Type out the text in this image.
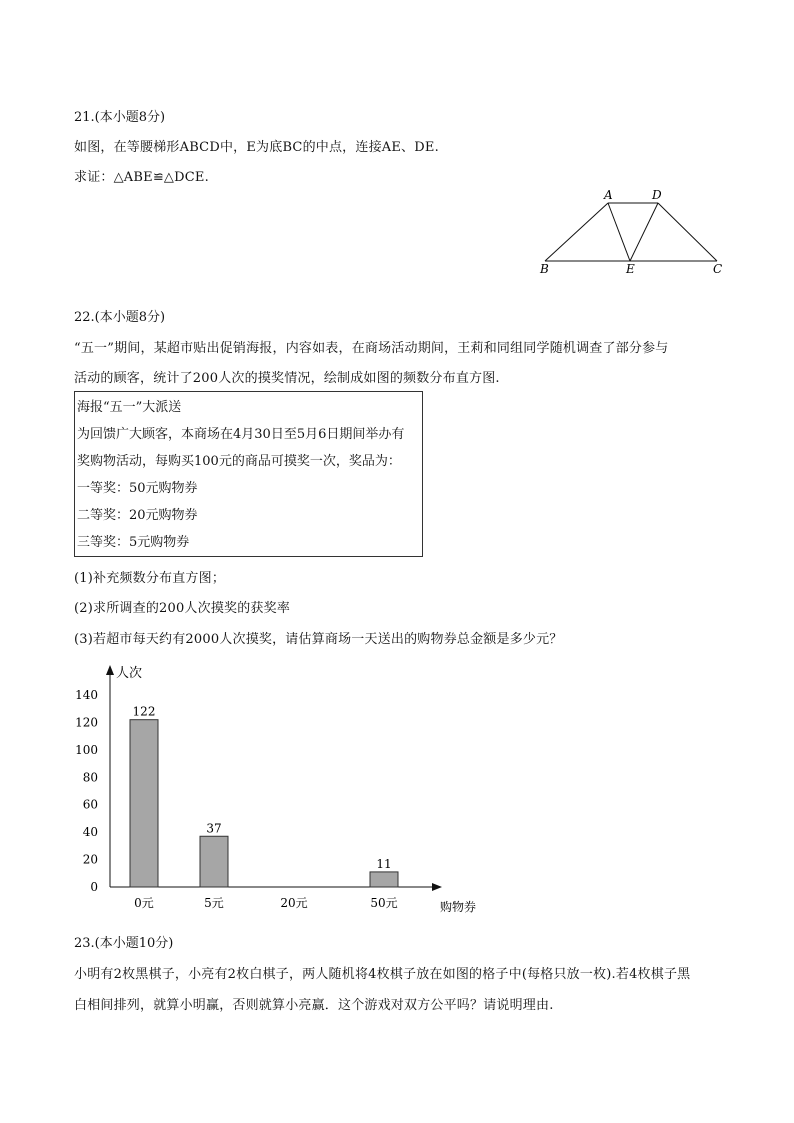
21.(本小题8分)
如图，在等腰梯形ABCD中，E为底BC的中点，连接AE、DE.
求证：△ABE≌△DCE.
A	D
B	E	C
22.(本小题8分)
“五一”期间，某超市贴出促销海报，内容如表，在商场活动期间，王莉和同组同学随机调查了部分参与
活动的顾客，统计了200人次的摸奖情况，绘制成如图的频数分布直方图.
海报“五一”大派送
为回馈广大顾客，本商场在4月30日至5月6日期间举办有
奖购物活动，每购买100元的商品可摸奖一次，奖品为：
一等奖：50元购物券
二等奖：20元购物券
三等奖：5元购物券
(1)补充频数分布直方图；
(2)求所调查的200人次摸奖的获奖率
(3)若超市每天约有2000人次摸奖，请估算商场一天送出的购物券总金额是多少元？
0
20
40
60
80
100
120
140
人次
购物券
122
0元
37
5元	20元
11
50元
23.(本小题10分)
小明有2枚黑棋子，小亮有2枚白棋子，两人随机将4枚棋子放在如图的格子中(每格只放一枚).若4枚棋子黑
白相间排列，就算小明赢，否则就算小亮赢．这个游戏对双方公平吗？请说明理由.
